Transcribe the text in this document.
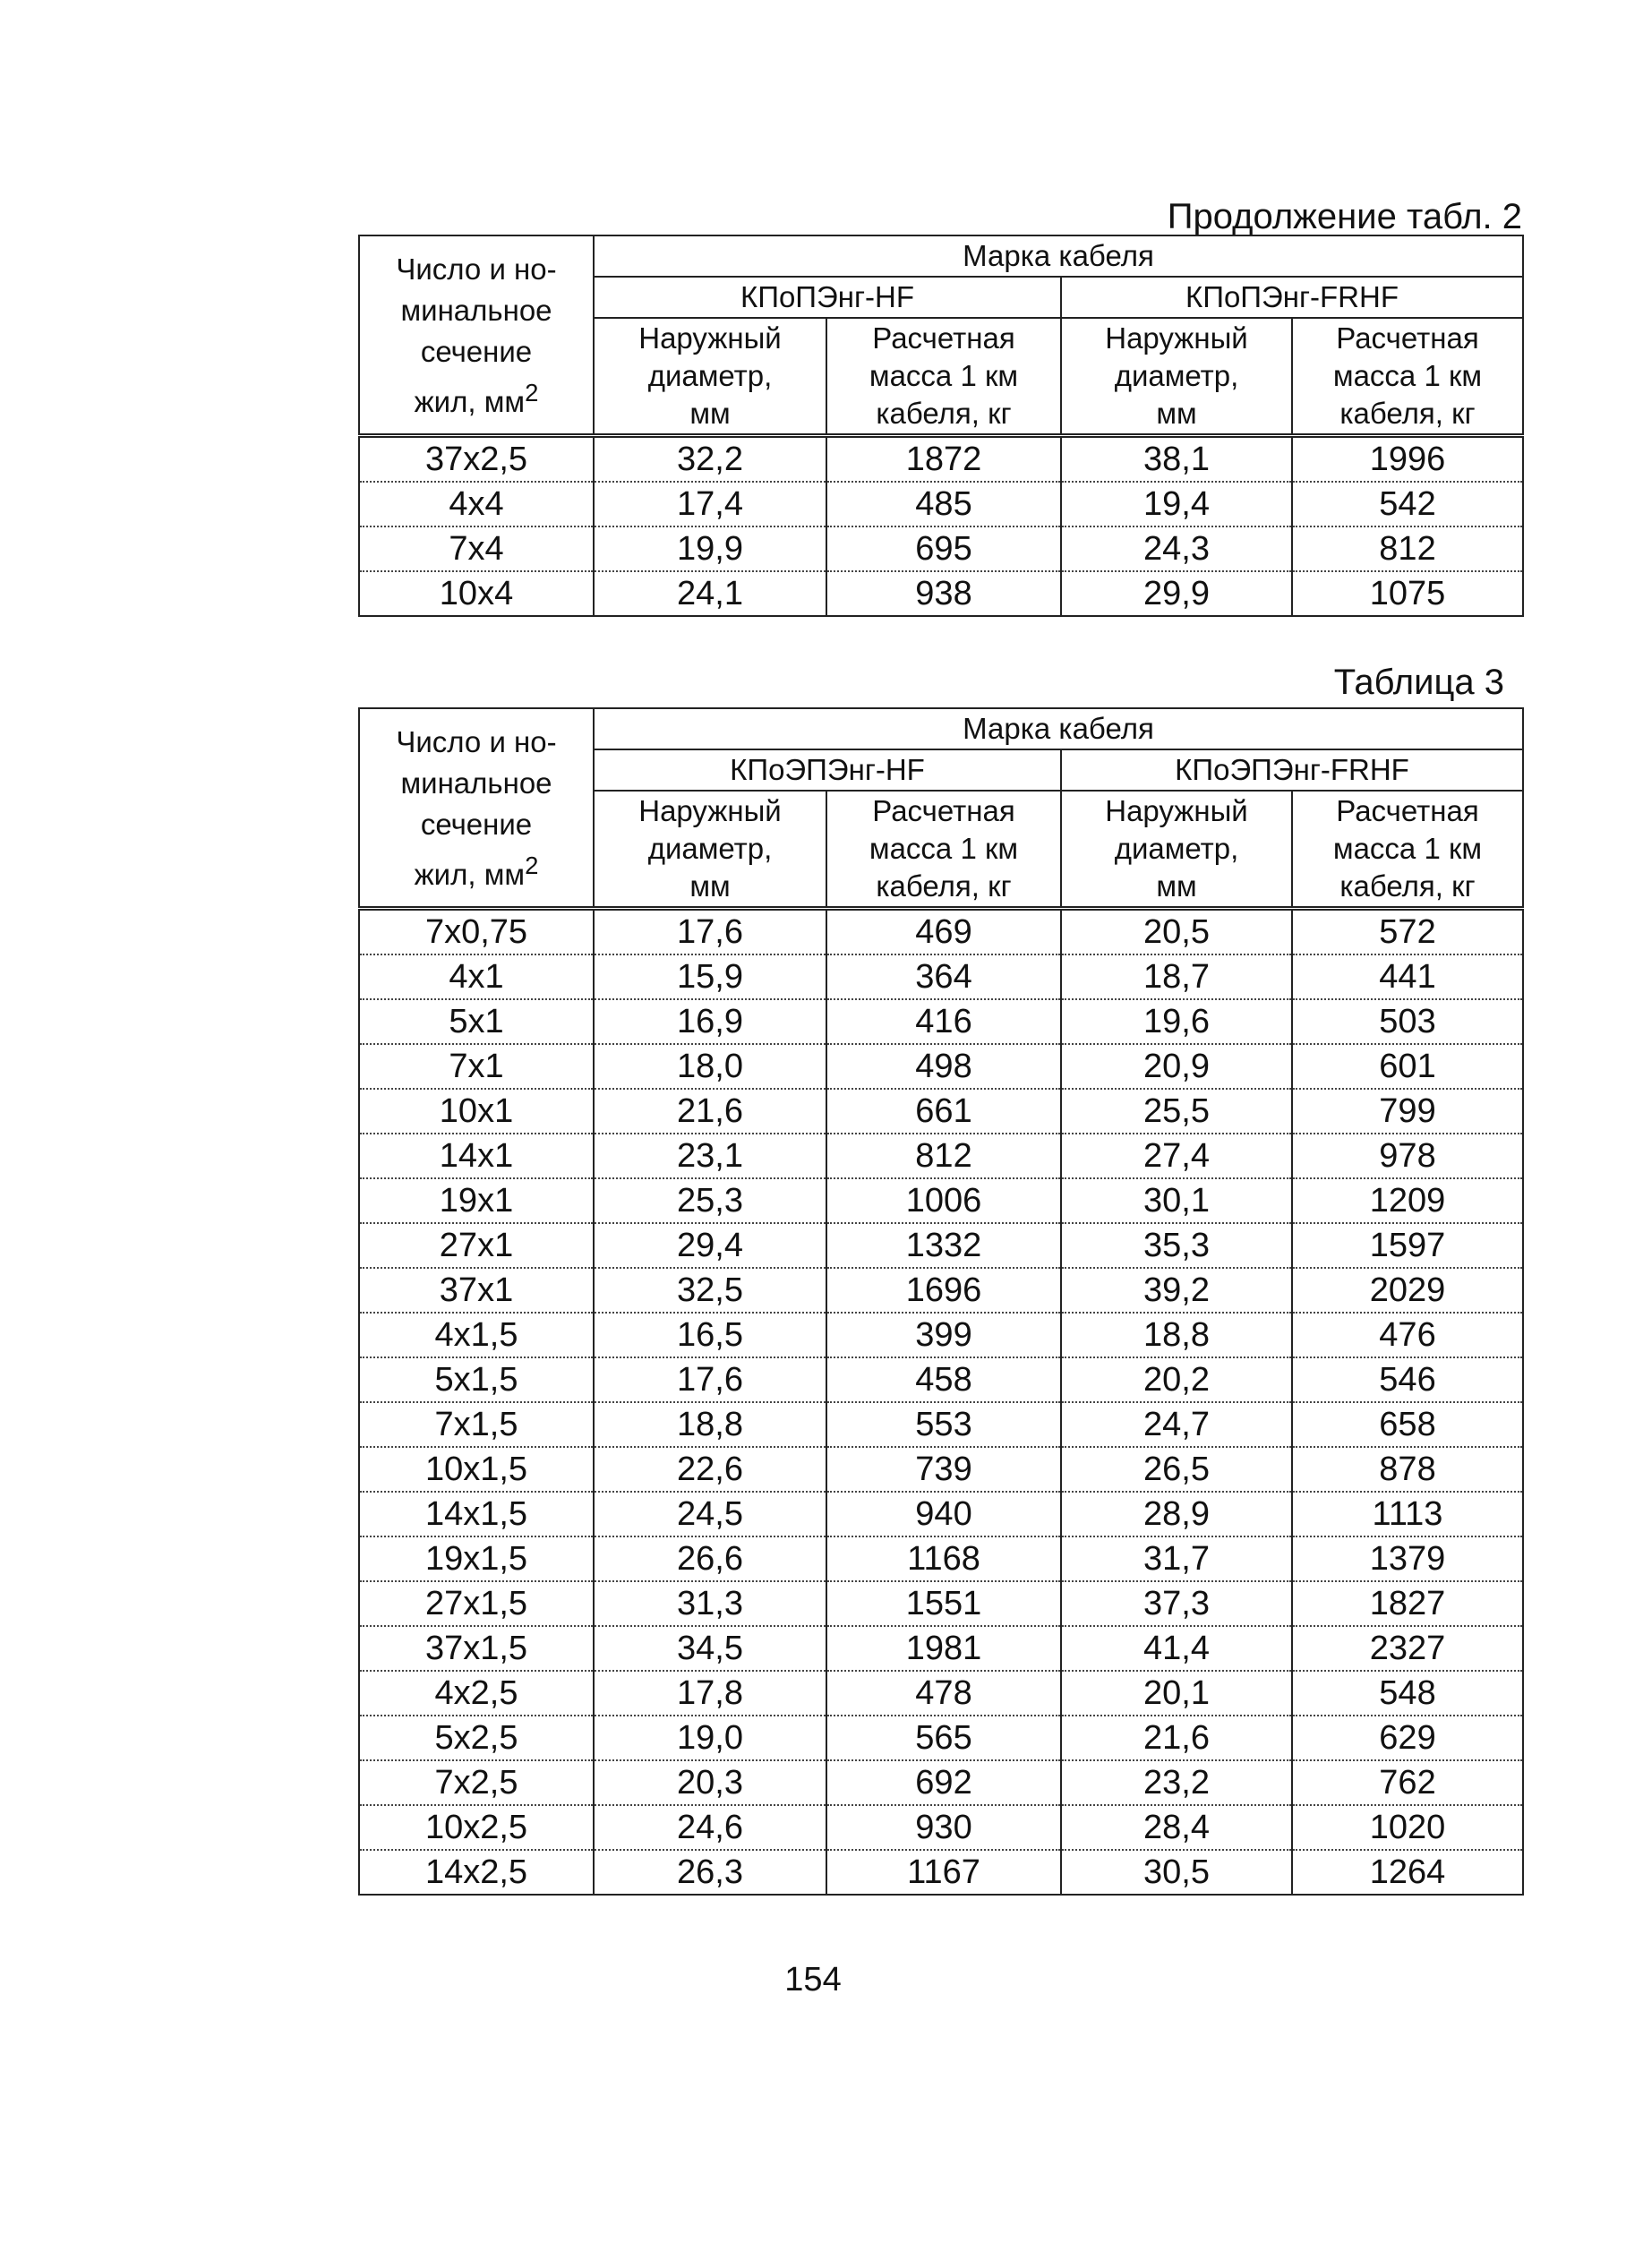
Продолжение табл. 2
Число и но-
минальное
сечение
жил, $мм^2$	Марка кабеля			
	КПоПЭнг-HF		КПоПЭнг-FRHF	
	Наружный
диаметр,
мм	Расчетная
масса 1 км
кабеля, кг	Наружный
диаметр,
мм	Расчетная
масса 1 км
кабеля, кг
37x2,5	32,2	1872	38,1	1996
4x4	17,4	485	19,4	542
7x4	19,9	695	24,3	812
10x4	24,1	938	29,9	1075
Таблица 3
Число и но-
минальное
сечение
жил, $мм^2$	Марка кабеля			
	КПоЭПЭнг-HF		КПоЭПЭнг-FRHF	
	Наружный
диаметр,
мм	Расчетная
масса 1 км
кабеля, кг	Наружный
диаметр,
мм	Расчетная
масса 1 км
кабеля, кг
7x0,75	17,6	469	20,5	572
4x1	15,9	364	18,7	441
5x1	16,9	416	19,6	503
7x1	18,0	498	20,9	601
10x1	21,6	661	25,5	799
14x1	23,1	812	27,4	978
19x1	25,3	1006	30,1	1209
27x1	29,4	1332	35,3	1597
37x1	32,5	1696	39,2	2029
4x1,5	16,5	399	18,8	476
5x1,5	17,6	458	20,2	546
7x1,5	18,8	553	24,7	658
10x1,5	22,6	739	26,5	878
14x1,5	24,5	940	28,9	1113
19x1,5	26,6	1168	31,7	1379
27x1,5	31,3	1551	37,3	1827
37x1,5	34,5	1981	41,4	2327
4x2,5	17,8	478	20,1	548
5x2,5	19,0	565	21,6	629
7x2,5	20,3	692	23,2	762
10x2,5	24,6	930	28,4	1020
14x2,5	26,3	1167	30,5	1264
154
